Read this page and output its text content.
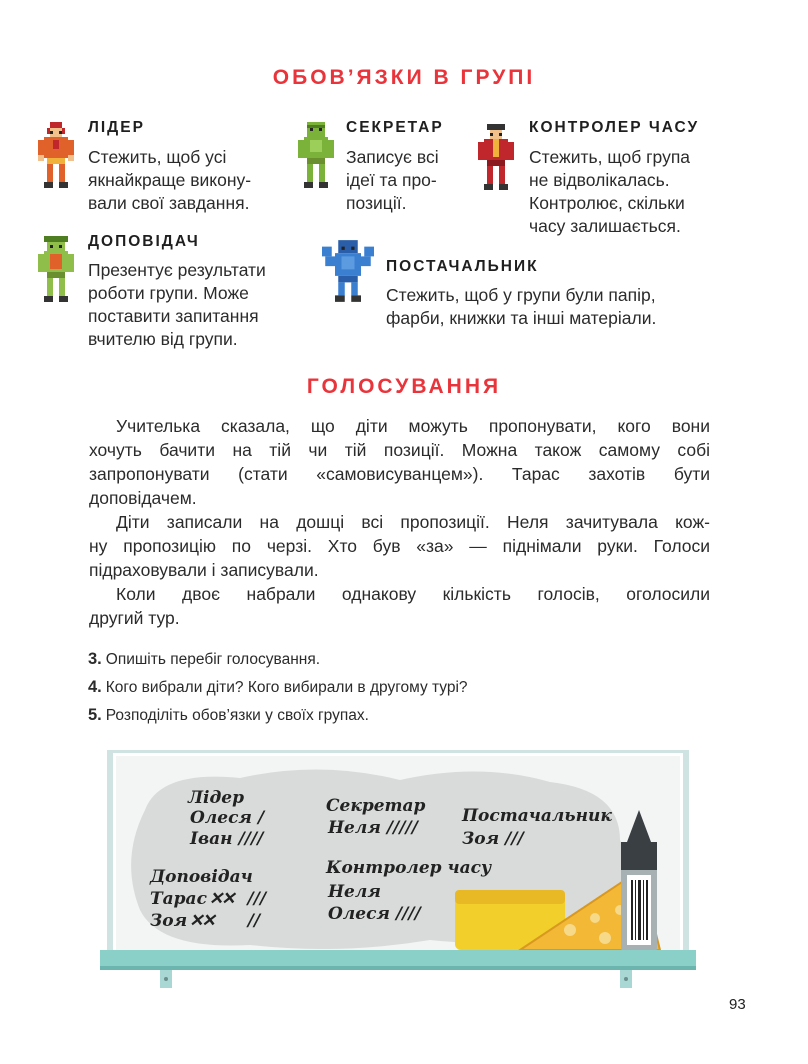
ОБОВ’ЯЗКИ В ГРУПІ
ЛІДЕР
Стежить, щоб усі
якнайкраще викону-
вали свої завдання.
СЕКРЕТАР
Записує всі
ідеї та про-
позиції.
КОНТРОЛЕР ЧАСУ
Стежить, щоб група
не відволікалась.
Контролює, скільки
часу залишається.
ДОПОВІДАЧ
Презентує результати
роботи групи. Може
поставити запитання
вчителю від групи.
ПОСТАЧАЛЬНИК
Стежить, щоб у групи були папір,
фарби, книжки та інші матеріали.
ГОЛОСУВАННЯ
Учителька сказала, що діти можуть пропонувати, кого вони
хочуть бачити на тій чи тій позиції. Можна також самому собі
запропонувати (стати «самовисуванцем»). Тарас захотів бути
доповідачем.
Діти записали на дошці всі пропозиції. Неля зачитувала кож-
ну пропозицію по черзі. Хто був «за» — піднімали руки. Голоси
підраховували і записували.
Коли двоє набрали однакову кількість голосів, оголосили
другий тур.
3. Опишіть перебіг голосування.
4. Кого вибрали діти? Кого вибирали в другому турі?
5. Розподіліть обов’язки у своїх групах.
Лідер
Олеся /
Іван ////
Секретар
Неля /////
Постачальник
Зоя ///
Доповідач
Тарас ✕✕ ///
Зоя ✕✕ //
Контролер часу
Неля
Олеся ////
93
